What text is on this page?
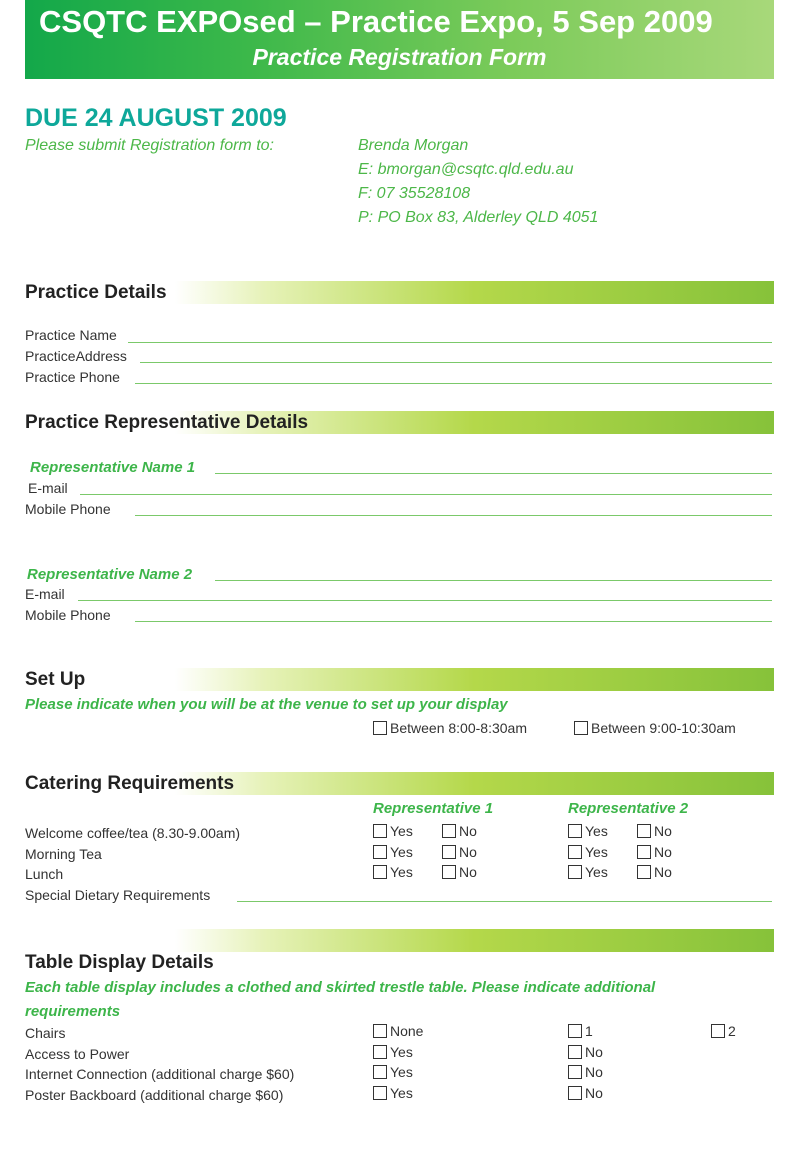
CSQTC EXPOsed – Practice Expo, 5 Sep 2009
Practice Registration Form
DUE 24 AUGUST 2009
Please submit Registration form to:	Brenda Morgan
E: bmorgan@csqtc.qld.edu.au
F: 07 35528108
P: PO Box 83, Alderley QLD 4051
Practice Details
Practice Name
PracticeAddress
Practice Phone
Practice Representative Details
Representative Name 1
E-mail
Mobile Phone
Representative Name 2
E-mail
Mobile Phone
Set Up
Please indicate when you will be at the venue to set up your display
Between 8:00-8:30am	Between 9:00-10:30am
Catering Requirements
Representative 1	Representative 2
Welcome coffee/tea (8.30-9.00am)	Yes	No	Yes	No
Morning Tea	Yes	No	Yes	No
Lunch	Yes	No	Yes	No
Special Dietary Requirements
Table Display Details
Each table display includes a clothed and skirted trestle table. Please indicate additional
requirements
Chairs	None	1	2
Access to Power	Yes	No
Internet Connection (additional charge $60)	Yes	No
Poster Backboard (additional charge $60)	Yes	No
